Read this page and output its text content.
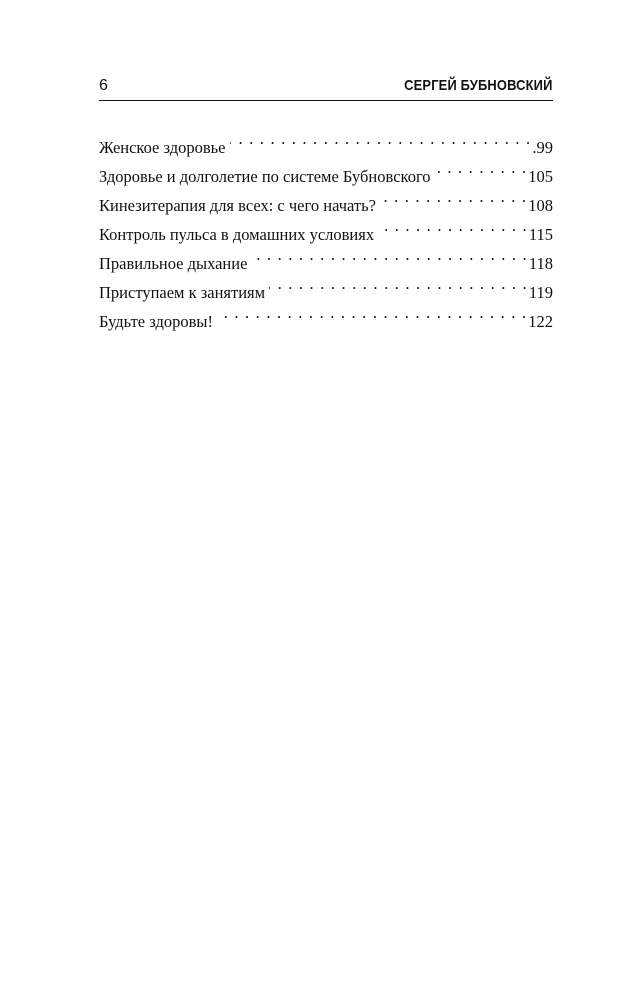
6	СЕРГЕЙ БУБНОВСКИЙ
Женское здоровье . . .	.99
Здоровье и долголетие по системе Бубновского . . .	105
Кинезитерапия для всех: с чего начать? . . .	108
Контроль пульса в домашних условиях . . .	115
Правильное дыхание . . .	118
Приступаем к занятиям . . .	119
Будьте здоровы! . . .	122
